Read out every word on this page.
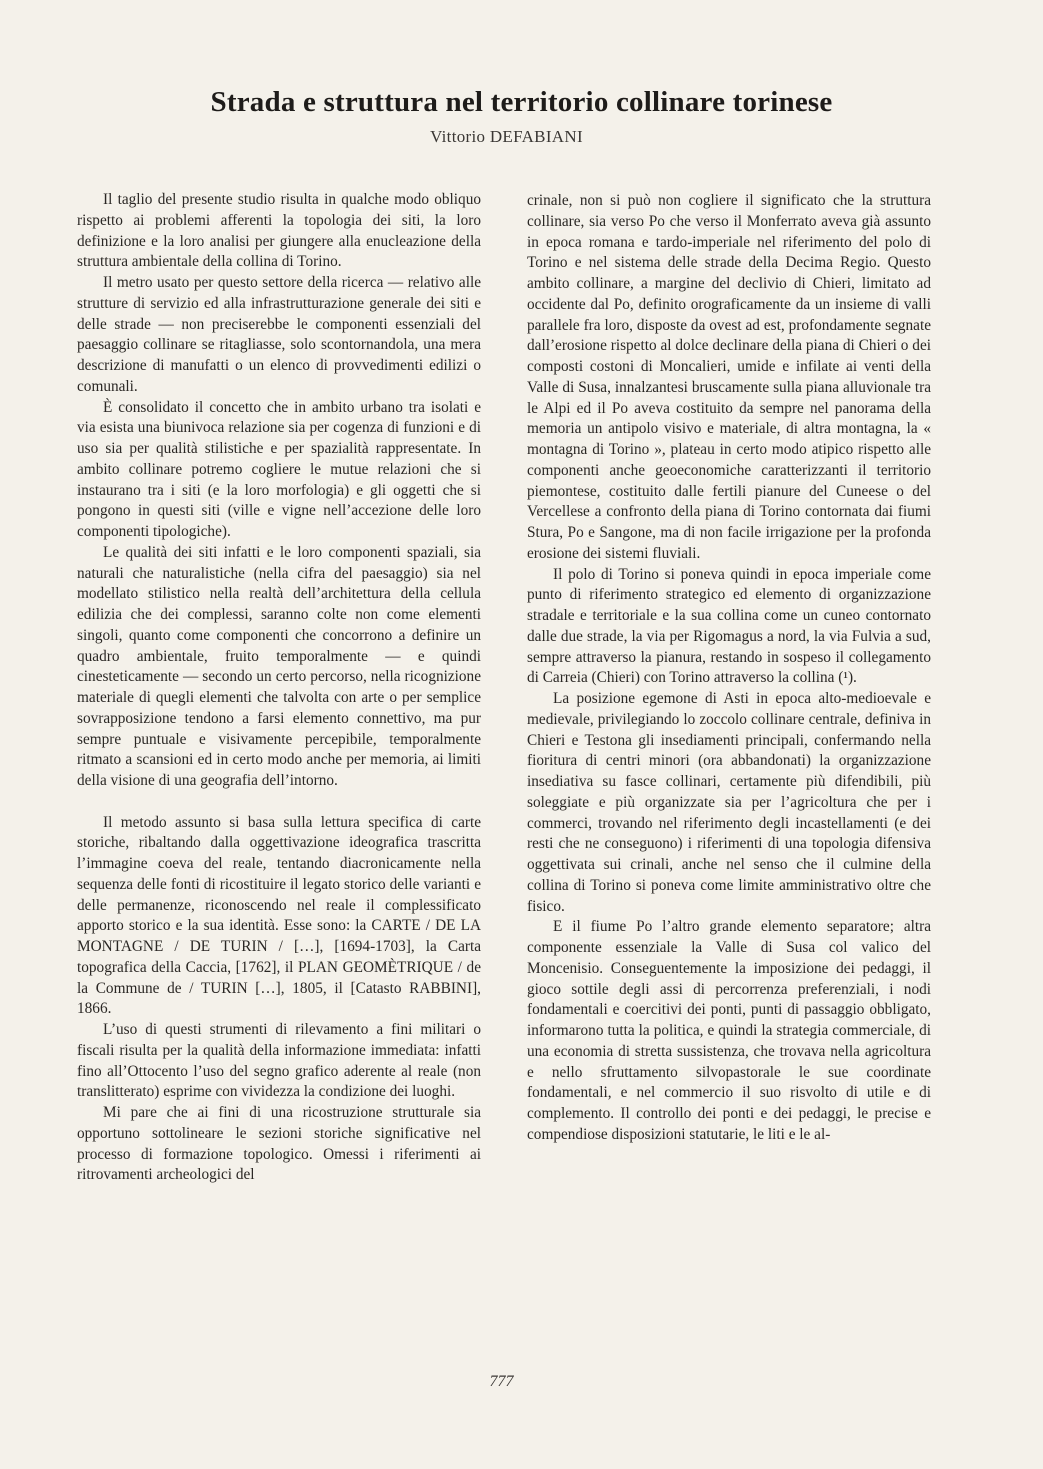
Strada e struttura nel territorio collinare torinese
Vittorio DEFABIANI

Il taglio del presente studio risulta in qualche modo obliquo rispetto ai problemi afferenti la topologia dei siti, la loro definizione e la loro analisi per giungere alla enucleazione della struttura ambientale della collina di Torino.

Il metro usato per questo settore della ricerca — relativo alle strutture di servizio ed alla infrastrutturazione generale dei siti e delle strade — non preciserebbe le componenti essenziali del paesaggio collinare se ritagliasse, solo scontornandola, una mera descrizione di manufatti o un elenco di provvedimenti edilizi o comunali.

È consolidato il concetto che in ambito urbano tra isolati e via esista una biunivoca relazione sia per cogenza di funzioni e di uso sia per qualità stilistiche e per spazialità rappresentate. In ambito collinare potremo cogliere le mutue relazioni che si instaurano tra i siti (e la loro morfologia) e gli oggetti che si pongono in questi siti (ville e vigne nell’accezione delle loro componenti tipologiche).

Le qualità dei siti infatti e le loro componenti spaziali, sia naturali che naturalistiche (nella cifra del paesaggio) sia nel modellato stilistico nella realtà dell’architettura della cellula edilizia che dei complessi, saranno colte non come elementi singoli, quanto come componenti che concorrono a definire un quadro ambientale, fruito temporalmente — e quindi cinesteticamente — secondo un certo percorso, nella ricognizione materiale di quegli elementi che talvolta con arte o per semplice sovrapposizione tendono a farsi elemento connettivo, ma pur sempre puntuale e visivamente percepibile, temporalmente ritmato a scansioni ed in certo modo anche per memoria, ai limiti della visione di una geografia dell’intorno.

Il metodo assunto si basa sulla lettura specifica di carte storiche, ribaltando dalla oggettivazione ideografica trascritta l’immagine coeva del reale, tentando diacronicamente nella sequenza delle fonti di ricostituire il legato storico delle varianti e delle permanenze, riconoscendo nel reale il complessificato apporto storico e la sua identità. Esse sono: la CARTE / DE LA MONTAGNE / DE TURIN / […], [1694-1703], la Carta topografica della Caccia, [1762], il PLAN GEOMÈTRIQUE / de la Commune de / TURIN […], 1805, il [Catasto RABBINI], 1866.

L’uso di questi strumenti di rilevamento a fini militari o fiscali risulta per la qualità della informazione immediata: infatti fino all’Ottocento l’uso del segno grafico aderente al reale (non translitterato) esprime con vividezza la condizione dei luoghi.

Mi pare che ai fini di una ricostruzione strutturale sia opportuno sottolineare le sezioni storiche significative nel processo di formazione topologico. Omessi i riferimenti ai ritrovamenti archeologici del

crinale, non si può non cogliere il significato che la struttura collinare, sia verso Po che verso il Monferrato aveva già assunto in epoca romana e tardo-imperiale nel riferimento del polo di Torino e nel sistema delle strade della Decima Regio. Questo ambito collinare, a margine del declivio di Chieri, limitato ad occidente dal Po, definito orograficamente da un insieme di valli parallele fra loro, disposte da ovest ad est, profondamente segnate dall’erosione rispetto al dolce declinare della piana di Chieri o dei composti costoni di Moncalieri, umide e infilate ai venti della Valle di Susa, innalzantesi bruscamente sulla piana alluvionale tra le Alpi ed il Po aveva costituito da sempre nel panorama della memoria un antipolo visivo e materiale, di altra montagna, la « montagna di Torino », plateau in certo modo atipico rispetto alle componenti anche geoeconomiche caratterizzanti il territorio piemontese, costituito dalle fertili pianure del Cuneese o del Vercellese a confronto della piana di Torino contornata dai fiumi Stura, Po e Sangone, ma di non facile irrigazione per la profonda erosione dei sistemi fluviali.

Il polo di Torino si poneva quindi in epoca imperiale come punto di riferimento strategico ed elemento di organizzazione stradale e territoriale e la sua collina come un cuneo contornato dalle due strade, la via per Rigomagus a nord, la via Fulvia a sud, sempre attraverso la pianura, restando in sospeso il collegamento di Carreia (Chieri) con Torino attraverso la collina (¹).

La posizione egemone di Asti in epoca alto-medioevale e medievale, privilegiando lo zoccolo collinare centrale, definiva in Chieri e Testona gli insediamenti principali, confermando nella fioritura di centri minori (ora abbandonati) la organizzazione insediativa su fasce collinari, certamente più difendibili, più soleggiate e più organizzate sia per l’agricoltura che per i commerci, trovando nel riferimento degli incastellamenti (e dei resti che ne conseguono) i riferimenti di una topologia difensiva oggettivata sui crinali, anche nel senso che il culmine della collina di Torino si poneva come limite amministrativo oltre che fisico.

E il fiume Po l’altro grande elemento separatore; altra componente essenziale la Valle di Susa col valico del Moncenisio. Conseguentemente la imposizione dei pedaggi, il gioco sottile degli assi di percorrenza preferenziali, i nodi fondamentali e coercitivi dei ponti, punti di passaggio obbligato, informarono tutta la politica, e quindi la strategia commerciale, di una economia di stretta sussistenza, che trovava nella agricoltura e nello sfruttamento silvopastorale le sue coordinate fondamentali, e nel commercio il suo risvolto di utile e di complemento. Il controllo dei ponti e dei pedaggi, le precise e compendiose disposizioni statutarie, le liti e le al-

777
